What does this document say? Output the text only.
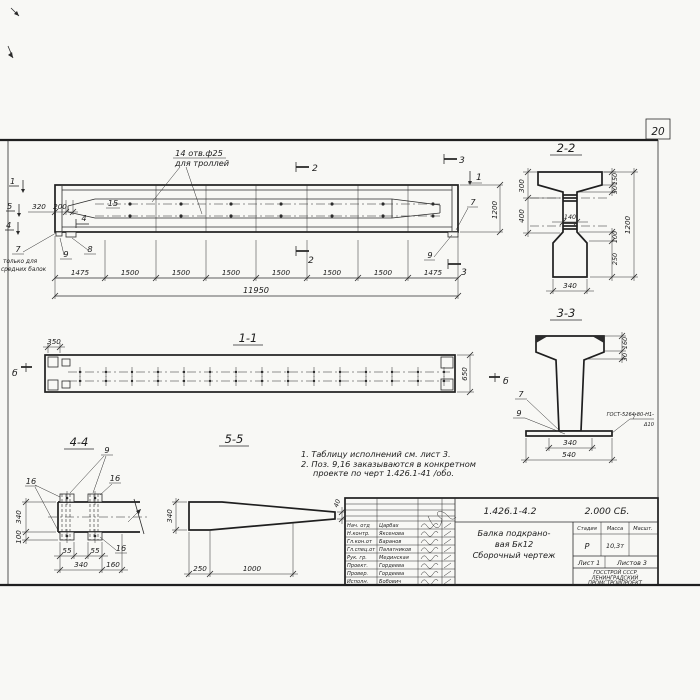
20
14 отв.ф25
для троллей
1
5
4
320 200	15
4
2
2
3
3
1
7
9
1200
7
только для
средних балок
8
9
1475	1500	1500	1500	1500	1500	1500	1475
11950
2-2
300
400
150
50
100
250
1200
140
340
3-3
160
30
7
9	ГОСТ-5264-80-Н1-
Δ10
340
540
1-1
350
650
б
б
4-4
9
16	16
16
340
100
55	55
340	160
5-5
340
40
250	1000
1. Таблицу исполнений см. лист 3.
2. Поз. 9,16 заказываются в конкретном
проекте по черт 1.426.1-41 /обо.
Нач. отд Царбах
Н.контр. Яксенова
Гл.кон.от Баранов
Гл.спец.от Палатников
Рук. гр. Мединская
Проект. Гордеева
Провер. Гордеева
Исполн. Бобович
1.426.1-4.2	2.000 СБ.
Балка подкрано-
вая Бк12
Сборочный чертеж
Стадия Масса Масшт.
Р	10,3т
Лист 1	Листов 3
ГОССТРОЙ СССР
ЛЕНИНГРАДСКИЙ
ПРОМСТРОЙПРОЕКТ
